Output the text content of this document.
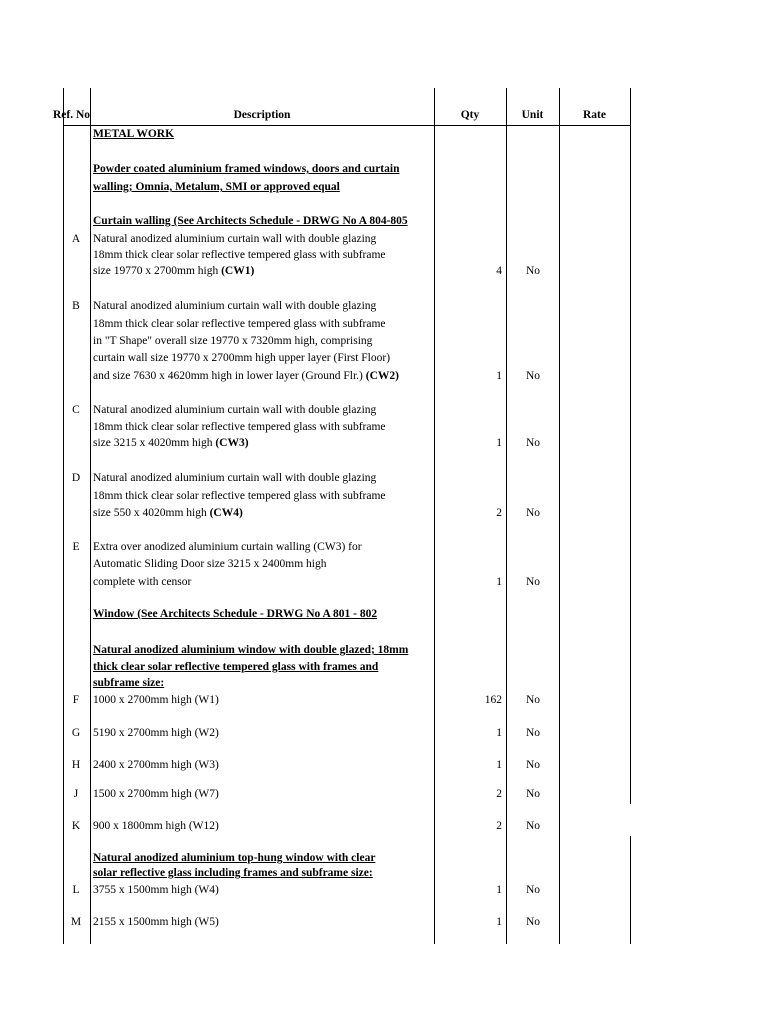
Ref. No	Description	Qty	Unit	Rate
METAL WORK
Powder coated aluminium framed windows, doors and curtain
walling; Omnia, Metalum, SMI or approved equal
Curtain walling (See Architects Schedule - DRWG No A 804-805
A	Natural anodized aluminium curtain wall with double glazing
18mm thick clear solar reflective tempered glass with subframe
size 19770 x 2700mm high (CW1)	4	No
B	Natural anodized aluminium curtain wall with double glazing
18mm thick clear solar reflective tempered glass with subframe
in "T Shape" overall size 19770 x 7320mm high, comprising
curtain wall size 19770 x 2700mm high upper layer (First Floor)
and size 7630 x 4620mm high in lower layer (Ground Flr.) (CW2)	1	No
C	Natural anodized aluminium curtain wall with double glazing
18mm thick clear solar reflective tempered glass with subframe
size 3215 x 4020mm high (CW3)	1	No
D	Natural anodized aluminium curtain wall with double glazing
18mm thick clear solar reflective tempered glass with subframe
size 550 x 4020mm high (CW4)	2	No
E	Extra over anodized aluminium curtain walling (CW3) for
Automatic Sliding Door size 3215 x 2400mm high
complete with censor	1	No
Window (See Architects Schedule - DRWG No A 801 - 802
Natural anodized aluminium window with double glazed; 18mm
thick clear solar reflective tempered glass with frames and
subframe size:
F	1000 x 2700mm high (W1)	162	No
G	5190 x 2700mm high (W2)	1	No
H	2400 x 2700mm high (W3)	1	No
J	1500 x 2700mm high (W7)	2	No
K	900 x 1800mm high (W12)	2	No
Natural anodized aluminium top-hung window with clear
solar reflective glass including frames and subframe size:
L	3755 x 1500mm high (W4)	1	No
M	2155 x 1500mm high (W5)	1	No
